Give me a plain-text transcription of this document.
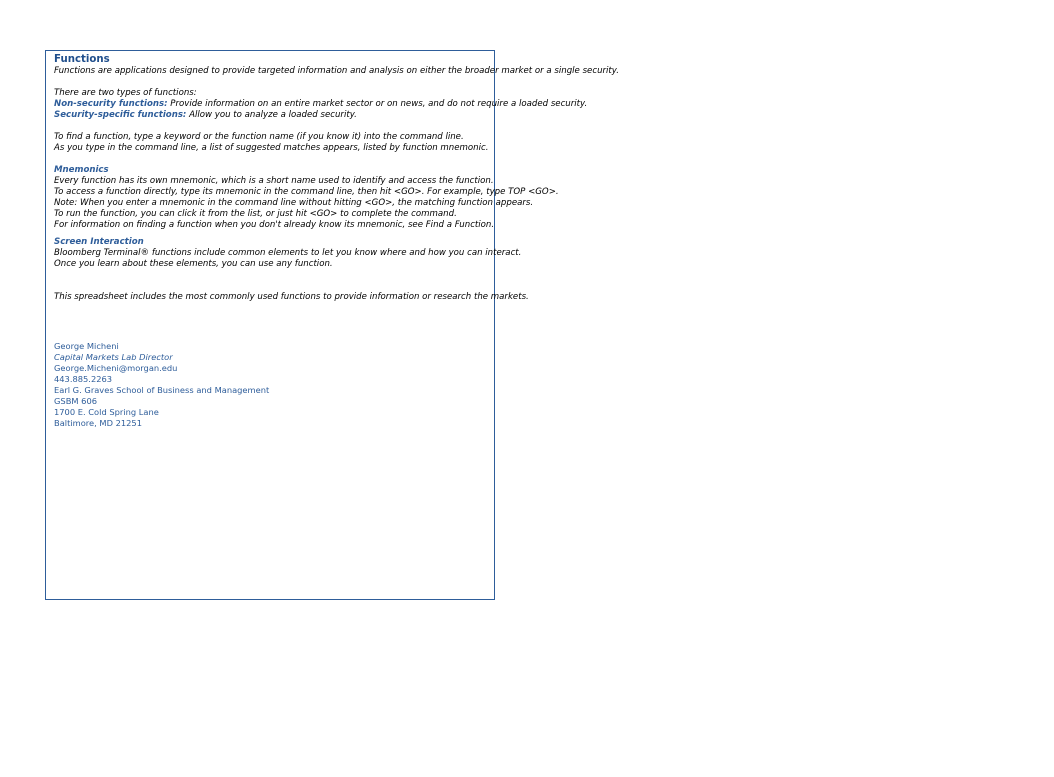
Functions
Functions are applications designed to provide targeted information and analysis on either the broader market or a single security.
There are two types of functions:
Non-security functions: Provide information on an entire market sector or on news, and do not require a loaded security.
Security-specific functions: Allow you to analyze a loaded security.
To find a function, type a keyword or the function name (if you know it) into the command line.
As you type in the command line, a list of suggested matches appears, listed by function mnemonic.
Mnemonics
Every function has its own mnemonic, which is a short name used to identify and access the function.
To access a function directly, type its mnemonic in the command line, then hit <GO>. For example, type TOP <GO>.
Note: When you enter a mnemonic in the command line without hitting <GO>, the matching function appears.
To run the function, you can click it from the list, or just hit <GO> to complete the command.
For information on finding a function when you don't already know its mnemonic, see Find a Function.
Screen Interaction
Bloomberg Terminal® functions include common elements to let you know where and how you can interact.
Once you learn about these elements, you can use any function.
This spreadsheet includes the most commonly used functions to provide information or research the markets.
George Micheni
Capital Markets Lab Director
George.Micheni@morgan.edu
443.885.2263
Earl G. Graves School of Business and Management
GSBM 606
1700 E. Cold Spring Lane
Baltimore, MD 21251
